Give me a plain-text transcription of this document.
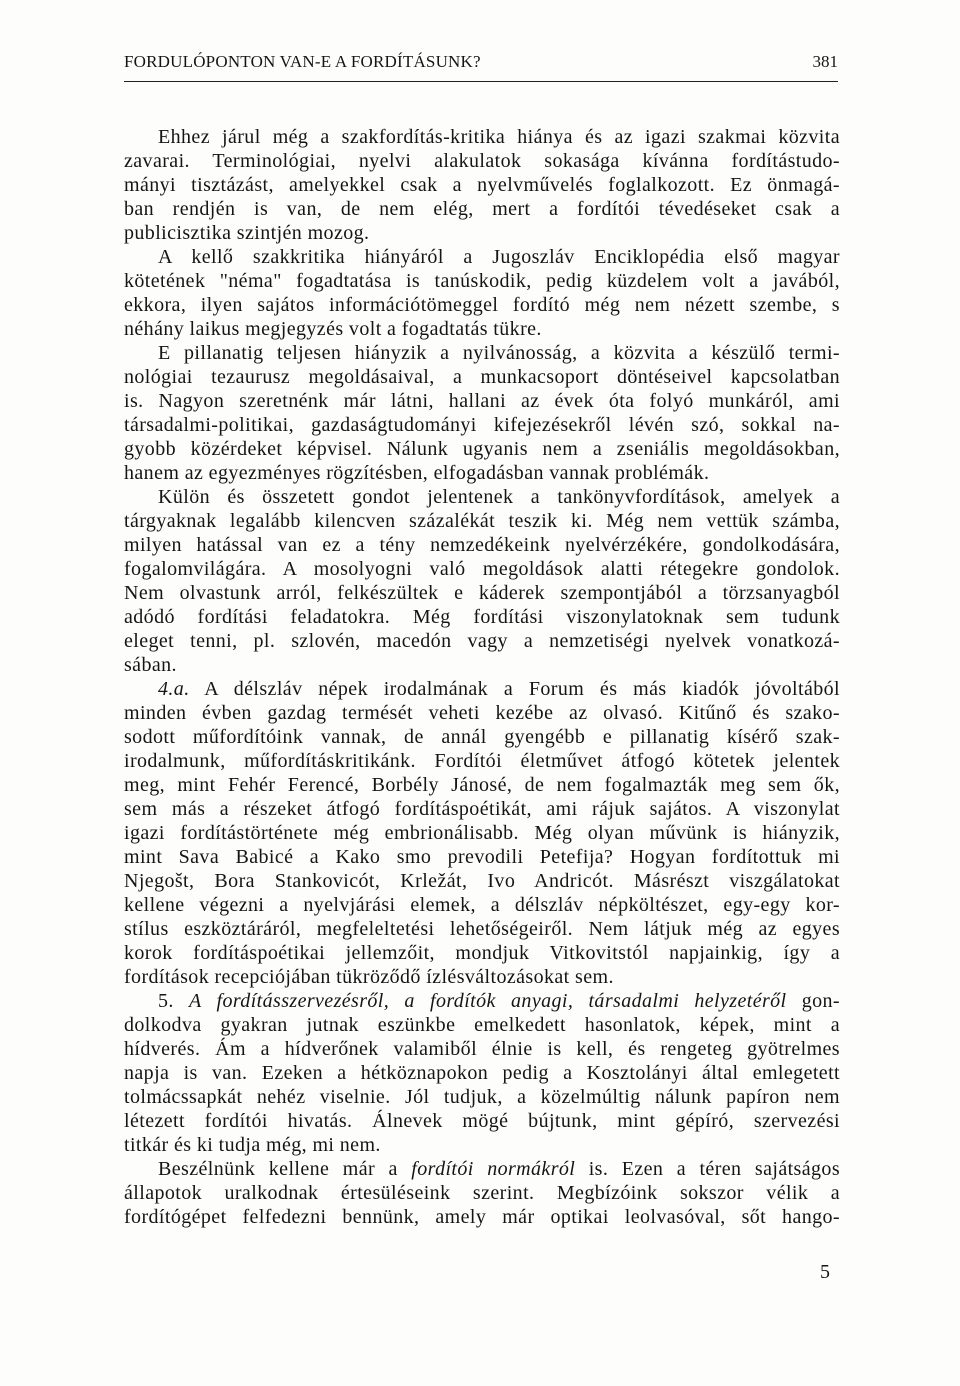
FORDULÓPONTON VAN-E A FORDÍTÁSUNK?	381
Ehhez járul még a szakfordítás-kritika hiánya és az igazi szakmai közvita
zavarai. Terminológiai, nyelvi alakulatok sokasága kívánna fordítástudo-
mányi tisztázást, amelyekkel csak a nyelvművelés foglalkozott. Ez önmagá-
ban rendjén is van, de nem elég, mert a fordítói tévedéseket csak a
publicisztika szintjén mozog.
A kellő szakkritika hiányáról a Jugoszláv Enciklopédia első magyar
kötetének "néma" fogadtatása is tanúskodik, pedig küzdelem volt a javából,
ekkora, ilyen sajátos információtömeggel fordító még nem nézett szembe, s
néhány laikus megjegyzés volt a fogadtatás tükre.
E pillanatig teljesen hiányzik a nyilvánosság, a közvita a készülő termi-
nológiai tezaurusz megoldásaival, a munkacsoport döntéseivel kapcsolatban
is. Nagyon szeretnénk már látni, hallani az évek óta folyó munkáról, ami
társadalmi-politikai, gazdaságtudományi kifejezésekről lévén szó, sokkal na-
gyobb közérdeket képvisel. Nálunk ugyanis nem a zseniális megoldásokban,
hanem az egyezményes rögzítésben, elfogadásban vannak problémák.
Külön és összetett gondot jelentenek a tankönyvfordítások, amelyek a
tárgyaknak legalább kilencven százalékát teszik ki. Még nem vettük számba,
milyen hatással van ez a tény nemzedékeink nyelvérzékére, gondolkodására,
fogalomvilágára. A mosolyogni való megoldások alatti rétegekre gondolok.
Nem olvastunk arról, felkészültek e káderek szempontjából a törzsanyagból
adódó fordítási feladatokra. Még fordítási viszonylatoknak sem tudunk
eleget tenni, pl. szlovén, macedón vagy a nemzetiségi nyelvek vonatkozá-
sában.
4.a. A délszláv népek irodalmának a Forum és más kiadók jóvoltából
minden évben gazdag termését veheti kezébe az olvasó. Kitűnő és szako-
sodott műfordítóink vannak, de annál gyengébb e pillanatig kísérő szak-
irodalmunk, műfordításkritikánk. Fordítói életművet átfogó kötetek jelentek
meg, mint Fehér Ferencé, Borbély Jánosé, de nem fogalmazták meg sem ők,
sem más a részeket átfogó fordításpoétikát, ami rájuk sajátos. A viszonylat
igazi fordítástörténete még embrionálisabb. Még olyan művünk is hiányzik,
mint Sava Babicé a Kako smo prevodili Petefija? Hogyan fordítottuk mi
Njegošt, Bora Stankovicót, Krležát, Ivo Andricót. Másrészt viszgálatokat
kellene végezni a nyelvjárási elemek, a délszláv népköltészet, egy-egy kor-
stílus eszköztáráról, megfeleltetési lehetőségeiről. Nem látjuk még az egyes
korok fordításpoétikai jellemzőit, mondjuk Vitkovitstól napjainkig, így a
fordítások recepciójában tükröződő ízlésváltozásokat sem.
5. A fordításszervezésről, a fordítók anyagi, társadalmi helyzetéről gon-
dolkodva gyakran jutnak eszünkbe emelkedett hasonlatok, képek, mint a
hídverés. Ám a hídverőnek valamiből élnie is kell, és rengeteg gyötrelmes
napja is van. Ezeken a hétköznapokon pedig a Kosztolányi által emlegetett
tolmácssapkát nehéz viselnie. Jól tudjuk, a közelmúltig nálunk papíron nem
létezett fordítói hivatás. Álnevek mögé bújtunk, mint gépíró, szervezési
titkár és ki tudja még, mi nem.
Beszélnünk kellene már a fordítói normákról is. Ezen a téren sajátságos
állapotok uralkodnak értesüléseink szerint. Megbízóink sokszor vélik a
fordítógépet felfedezni bennünk, amely már optikai leolvasóval, sőt hango-
5
